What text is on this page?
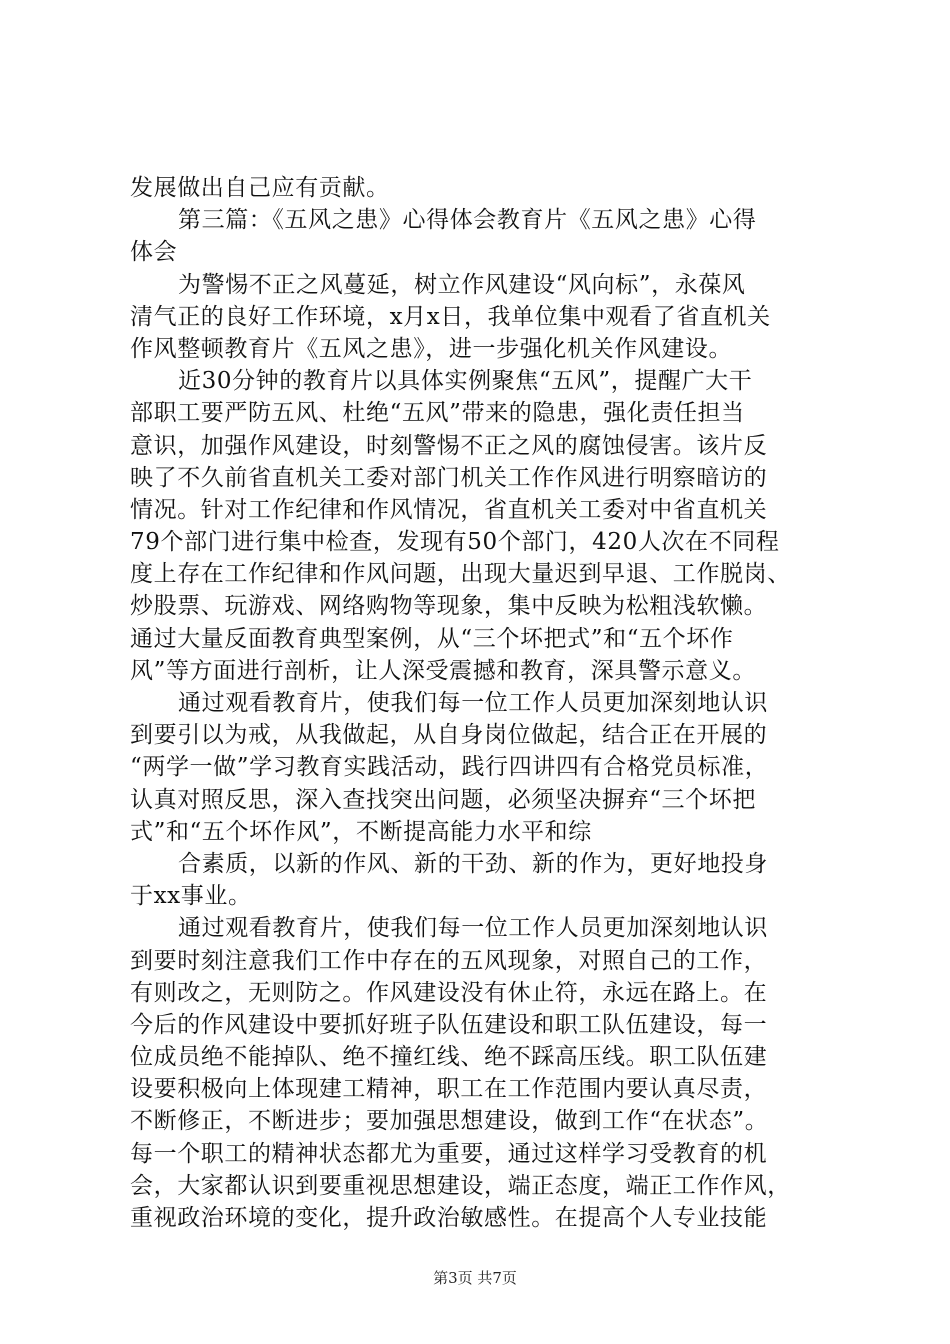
发展做出自己应有贡献。
第三篇：《五风之患》心得体会教育片《五风之患》心得
体会
为警惕不正之风蔓延，树立作风建设“风向标”，永葆风
清气正的良好工作环境，x月x日，我单位集中观看了省直机关
作风整顿教育片《五风之患》，进一步强化机关作风建设。
近30分钟的教育片以具体实例聚焦“五风”，提醒广大干
部职工要严防五风、杜绝“五风”带来的隐患，强化责任担当
意识，加强作风建设，时刻警惕不正之风的腐蚀侵害。该片反
映了不久前省直机关工委对部门机关工作作风进行明察暗访的
情况。针对工作纪律和作风情况，省直机关工委对中省直机关
79个部门进行集中检查，发现有50个部门，420人次在不同程
度上存在工作纪律和作风问题，出现大量迟到早退、工作脱岗、
炒股票、玩游戏、网络购物等现象，集中反映为松粗浅软懒。
通过大量反面教育典型案例，从“三个坏把式”和“五个坏作
风”等方面进行剖析，让人深受震撼和教育，深具警示意义。
通过观看教育片，使我们每一位工作人员更加深刻地认识
到要引以为戒，从我做起，从自身岗位做起，结合正在开展的
“两学一做”学习教育实践活动，践行四讲四有合格党员标准，
认真对照反思，深入查找突出问题，必须坚决摒弃“三个坏把
式”和“五个坏作风”，不断提高能力水平和综
合素质，以新的作风、新的干劲、新的作为，更好地投身
于xx事业。
通过观看教育片，使我们每一位工作人员更加深刻地认识
到要时刻注意我们工作中存在的五风现象，对照自己的工作，
有则改之，无则防之。作风建设没有休止符，永远在路上。在
今后的作风建设中要抓好班子队伍建设和职工队伍建设，每一
位成员绝不能掉队、绝不撞红线、绝不踩高压线。职工队伍建
设要积极向上体现建工精神，职工在工作范围内要认真尽责，
不断修正，不断进步；要加强思想建设，做到工作“在状态”。
每一个职工的精神状态都尤为重要，通过这样学习受教育的机
会，大家都认识到要重视思想建设，端正态度，端正工作作风，
重视政治环境的变化，提升政治敏感性。在提高个人专业技能
第3页 共7页
